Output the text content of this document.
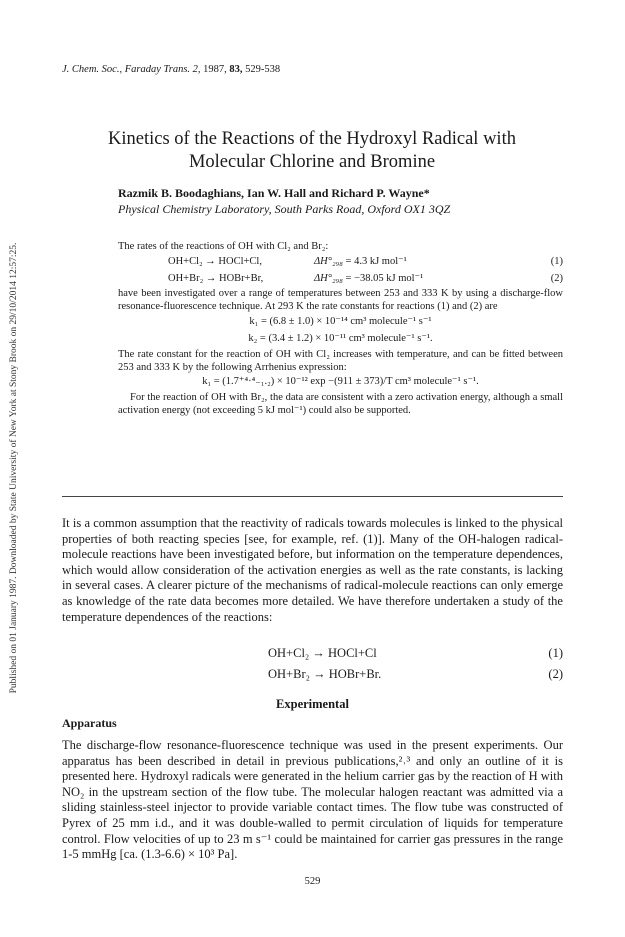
Published on 01 January 1987. Downloaded by State University of New York at Stony Brook on 29/10/2014 12:57:25.
J. Chem. Soc., Faraday Trans. 2, 1987, 83, 529-538
Kinetics of the Reactions of the Hydroxyl Radical with
Molecular Chlorine and Bromine
Razmik B. Boodaghians, Ian W. Hall and Richard P. Wayne*
Physical Chemistry Laboratory, South Parks Road, Oxford OX1 3QZ

The rates of the reactions of OH with Cl₂ and Br₂:

OH+Cl₂ → HOCl+Cl,	ΔH°₂₉₈ = 4.3 kJ mol⁻¹	(1)
OH+Br₂ → HOBr+Br,	ΔH°₂₉₈ = −38.05 kJ mol⁻¹	(2)

have been investigated over a range of temperatures between 253 and 333 K by using a discharge-flow resonance-fluorescence technique. At 293 K the rate constants for reactions (1) and (2) are

k₁ = (6.8 ± 1.0) × 10⁻¹⁴ cm³ molecule⁻¹ s⁻¹
k₂ = (3.4 ± 1.2) × 10⁻¹¹ cm³ molecule⁻¹ s⁻¹.

The rate constant for the reaction of OH with Cl₂ increases with temperature, and can be fitted between 253 and 333 K by the following Arrhenius expression:

k₁ = (1.7⁺⁴·⁴₋₁.₂) × 10⁻¹² exp −(911 ± 373)/T cm³ molecule⁻¹ s⁻¹.

For the reaction of OH with Br₂, the data are consistent with a zero activation energy, although a small activation energy (not exceeding 5 kJ mol⁻¹) could also be supported.

It is a common assumption that the reactivity of radicals towards molecules is linked to the physical properties of both reacting species [see, for example, ref. (1)]. Many of the OH-halogen radical-molecule reactions have been investigated before, but information on the temperature dependences, which would allow consideration of the activation energies as well as the rate constants, is lacking in several cases. A clearer picture of the mechanisms of radical-molecule reactions can only emerge as knowledge of the rate data becomes more detailed. We have therefore undertaken a study of the temperature dependences of the reactions:
OH+Cl₂ → HOCl+Cl	(1)
OH+Br₂ → HOBr+Br.	(2)
Experimental
Apparatus
The discharge-flow resonance-fluorescence technique was used in the present experiments. Our apparatus has been described in detail in previous publications,²˒³ and only an outline of it is presented here. Hydroxyl radicals were generated in the helium carrier gas by the reaction of H with NO₂ in the upstream section of the flow tube. The molecular halogen reactant was admitted via a sliding stainless-steel injector to provide variable contact times. The flow tube was constructed of Pyrex of 25 mm i.d., and it was double-walled to permit circulation of liquids for temperature control. Flow velocities of up to 23 m s⁻¹ could be maintained for carrier gas pressures in the range 1-5 mmHg [ca. (1.3-6.6) × 10³ Pa].
529
